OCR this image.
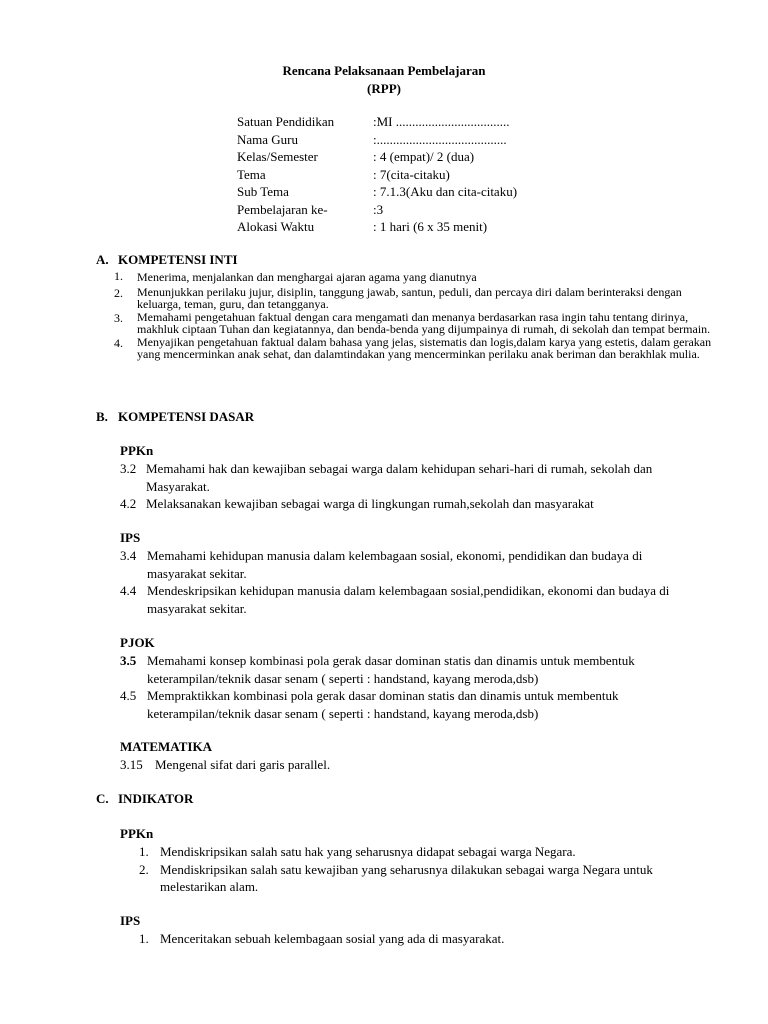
Rencana Pelaksanaan Pembelajaran
(RPP)
Satuan Pendidikan	:MI ...................................
Nama Guru	:........................................
Kelas/Semester	: 4 (empat)/ 2 (dua)
Tema	: 7(cita-citaku)
Sub Tema	: 7.1.3(Aku dan cita-citaku)
Pembelajaran ke-	:3
Alokasi Waktu	: 1 hari (6 x 35 menit)
A. KOMPETENSI INTI
1.	Menerima, menjalankan dan menghargai ajaran agama yang dianutnya
2.	Menunjukkan perilaku jujur, disiplin, tanggung jawab, santun, peduli, dan percaya diri dalam berinteraksi dengan keluarga, teman, guru, dan tetangganya.
3.	Memahami pengetahuan faktual dengan cara mengamati dan menanya berdasarkan rasa ingin tahu tentang dirinya, makhluk ciptaan Tuhan dan kegiatannya, dan benda-benda yang dijumpainya di rumah, di sekolah dan tempat bermain.
4.	Menyajikan pengetahuan faktual dalam bahasa yang jelas, sistematis dan logis,dalam karya yang estetis, dalam gerakan yang mencerminkan anak sehat, dan dalamtindakan yang mencerminkan perilaku anak beriman dan berakhlak mulia.
B. KOMPETENSI DASAR
PPKn
3.2 Memahami hak dan kewajiban sebagai warga dalam kehidupan sehari-hari di rumah, sekolah dan Masyarakat.
4.2 Melaksanakan kewajiban sebagai warga di lingkungan rumah,sekolah dan masyarakat
IPS
3.4 Memahami kehidupan manusia dalam kelembagaan sosial, ekonomi, pendidikan dan budaya di masyarakat sekitar.
4.4 Mendeskripsikan kehidupan manusia dalam kelembagaan sosial,pendidikan, ekonomi dan budaya di masyarakat sekitar.
PJOK
3.5 Memahami konsep kombinasi pola gerak dasar dominan statis dan dinamis untuk membentuk keterampilan/teknik dasar senam ( seperti : handstand, kayang meroda,dsb)
4.5 Mempraktikkan kombinasi pola gerak dasar dominan statis dan dinamis untuk membentuk keterampilan/teknik dasar senam ( seperti : handstand, kayang meroda,dsb)
MATEMATIKA
3.15 Mengenal sifat dari garis parallel.
C. INDIKATOR
PPKn
1. Mendiskripsikan salah satu hak yang seharusnya didapat sebagai warga Negara.
2. Mendiskripsikan salah satu kewajiban yang seharusnya dilakukan sebagai warga Negara untuk melestarikan alam.
IPS
1. Menceritakan sebuah kelembagaan sosial yang ada di masyarakat.
